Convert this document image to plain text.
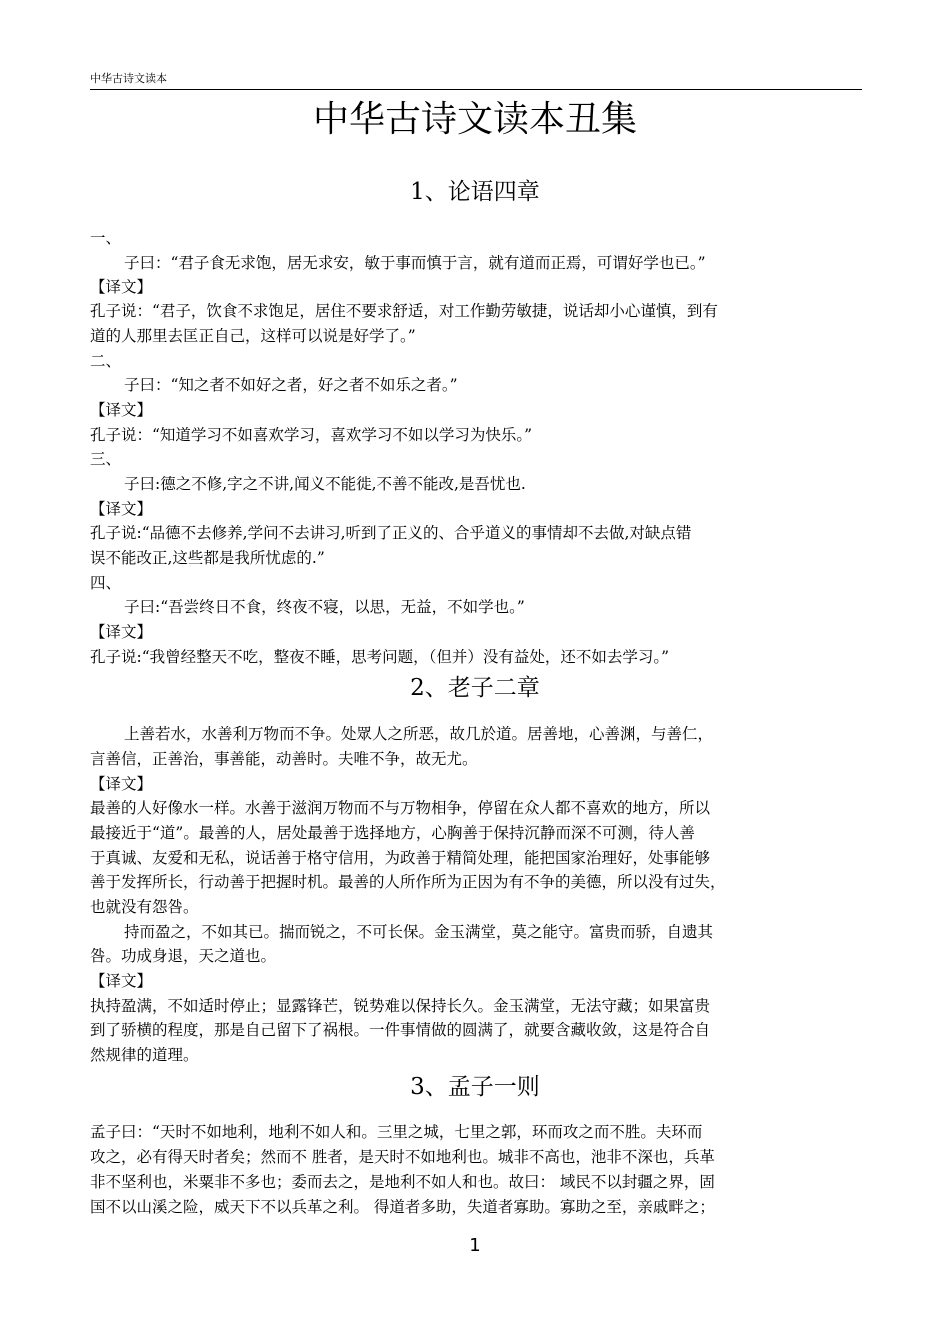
中华古诗文读本
中华古诗文读本丑集
1、论语四章
一、
子曰：“君子食无求饱，居无求安，敏于事而慎于言，就有道而正焉，可谓好学也已。”
【译文】
孔子说：“君子，饮食不求饱足，居住不要求舒适，对工作勤劳敏捷，说话却小心谨慎，到有
道的人那里去匡正自己，这样可以说是好学了。”
二、
子曰：“知之者不如好之者，好之者不如乐之者。”
【译文】
孔子说：“知道学习不如喜欢学习，喜欢学习不如以学习为快乐。”
三、
子曰:德之不修,字之不讲,闻义不能徙,不善不能改,是吾忧也.
【译文】
孔子说:“品德不去修养,学问不去讲习,听到了正义的、合乎道义的事情却不去做,对缺点错
误不能改正,这些都是我所忧虑的.”
四、
子曰:“吾尝终日不食，终夜不寝，以思，无益，不如学也。”
【译文】
孔子说:“我曾经整天不吃，整夜不睡，思考问题，（但并）没有益处，还不如去学习。”
2、老子二章
上善若水，水善利万物而不争。处眾人之所恶，故几於道。居善地，心善渊，与善仁，
言善信，正善治，事善能，动善时。夫唯不争，故无尤。
【译文】
最善的人好像水一样。水善于滋润万物而不与万物相争，停留在众人都不喜欢的地方，所以
最接近于“道”。最善的人，居处最善于选择地方，心胸善于保持沉静而深不可测，待人善
于真诚、友爱和无私，说话善于格守信用，为政善于精简处理，能把国家治理好，处事能够
善于发挥所长，行动善于把握时机。最善的人所作所为正因为有不争的美德，所以没有过失，
也就没有怨咎。
持而盈之，不如其已。揣而锐之，不可长保。金玉满堂，莫之能守。富贵而骄，自遗其
咎。功成身退，天之道也。
【译文】
执持盈满，不如适时停止；显露锋芒，锐势难以保持长久。金玉满堂，无法守藏；如果富贵
到了骄横的程度，那是自己留下了祸根。一件事情做的圆满了，就要含藏收敛，这是符合自
然规律的道理。
3、孟子一则
孟子曰：“天时不如地利，地利不如人和。三里之城，七里之郭，环而攻之而不胜。夫环而
攻之，必有得天时者矣；然而不 胜者，是天时不如地利也。城非不高也，池非不深也，兵革
非不坚利也，米粟非不多也；委而去之，是地利不如人和也。故曰： 域民不以封疆之界，固
国不以山溪之险，威天下不以兵革之利。 得道者多助，失道者寡助。寡助之至，亲戚畔之；
1
